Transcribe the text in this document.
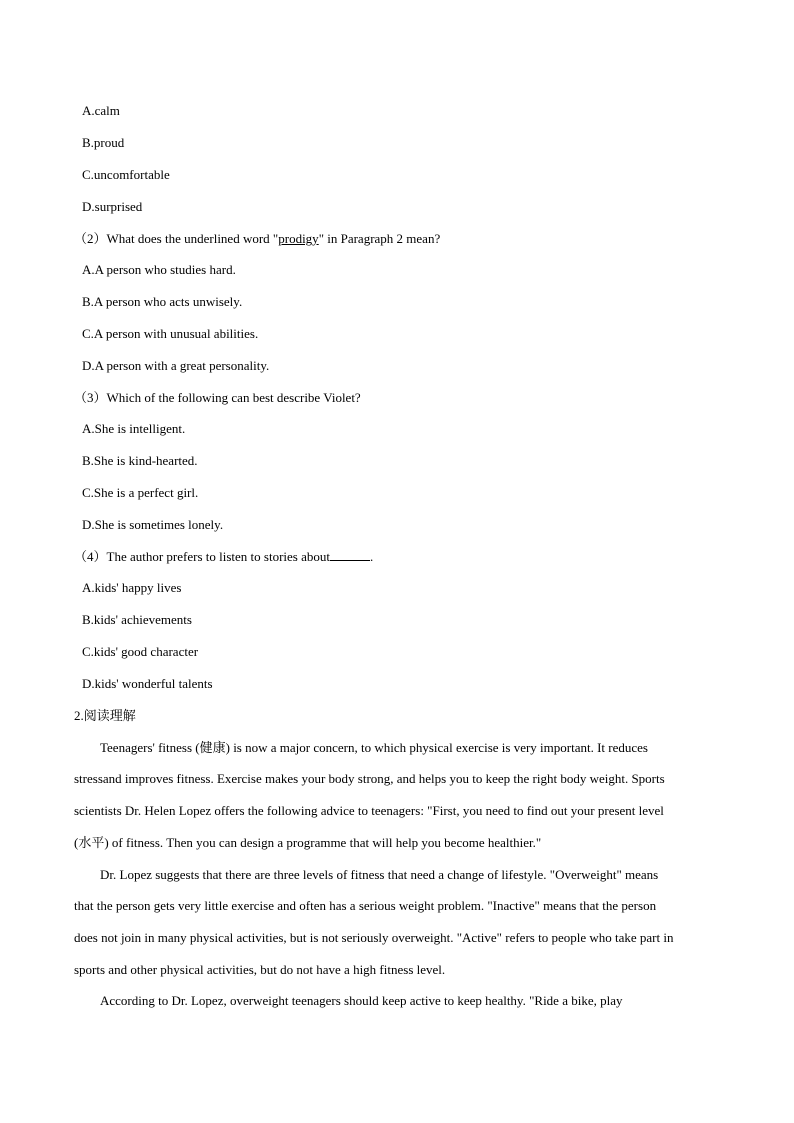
A.calm
B.proud
C.uncomfortable
D.surprised
（2）What does the underlined word "prodigy" in Paragraph 2 mean?
A.A person who studies hard.
B.A person who acts unwisely.
C.A person with unusual abilities.
D.A person with a great personality.
（3）Which of the following can best describe Violet?
A.She is intelligent.
B.She is kind-hearted.
C.She is a perfect girl.
D.She is sometimes lonely.
（4）The author prefers to listen to stories about	.
A.kids' happy lives
B.kids' achievements
C.kids' good character
D.kids' wonderful talents
2.阅读理解
Teenagers' fitness (健康) is now a major concern, to which physical exercise is very important. It reduces
stressand improves fitness. Exercise makes your body strong, and helps you to keep the right body weight. Sports
scientists Dr. Helen Lopez offers the following advice to teenagers: "First, you need to find out your present level
(水平) of fitness. Then you can design a programme that will help you become healthier."
Dr. Lopez suggests that there are three levels of fitness that need a change of lifestyle. "Overweight" means
that the person gets very little exercise and often has a serious weight problem. "Inactive" means that the person
does not join in many physical activities, but is not seriously overweight. "Active" refers to people who take part in
sports and other physical activities, but do not have a high fitness level.
According to Dr. Lopez, overweight teenagers should keep active to keep healthy. "Ride a bike, play
